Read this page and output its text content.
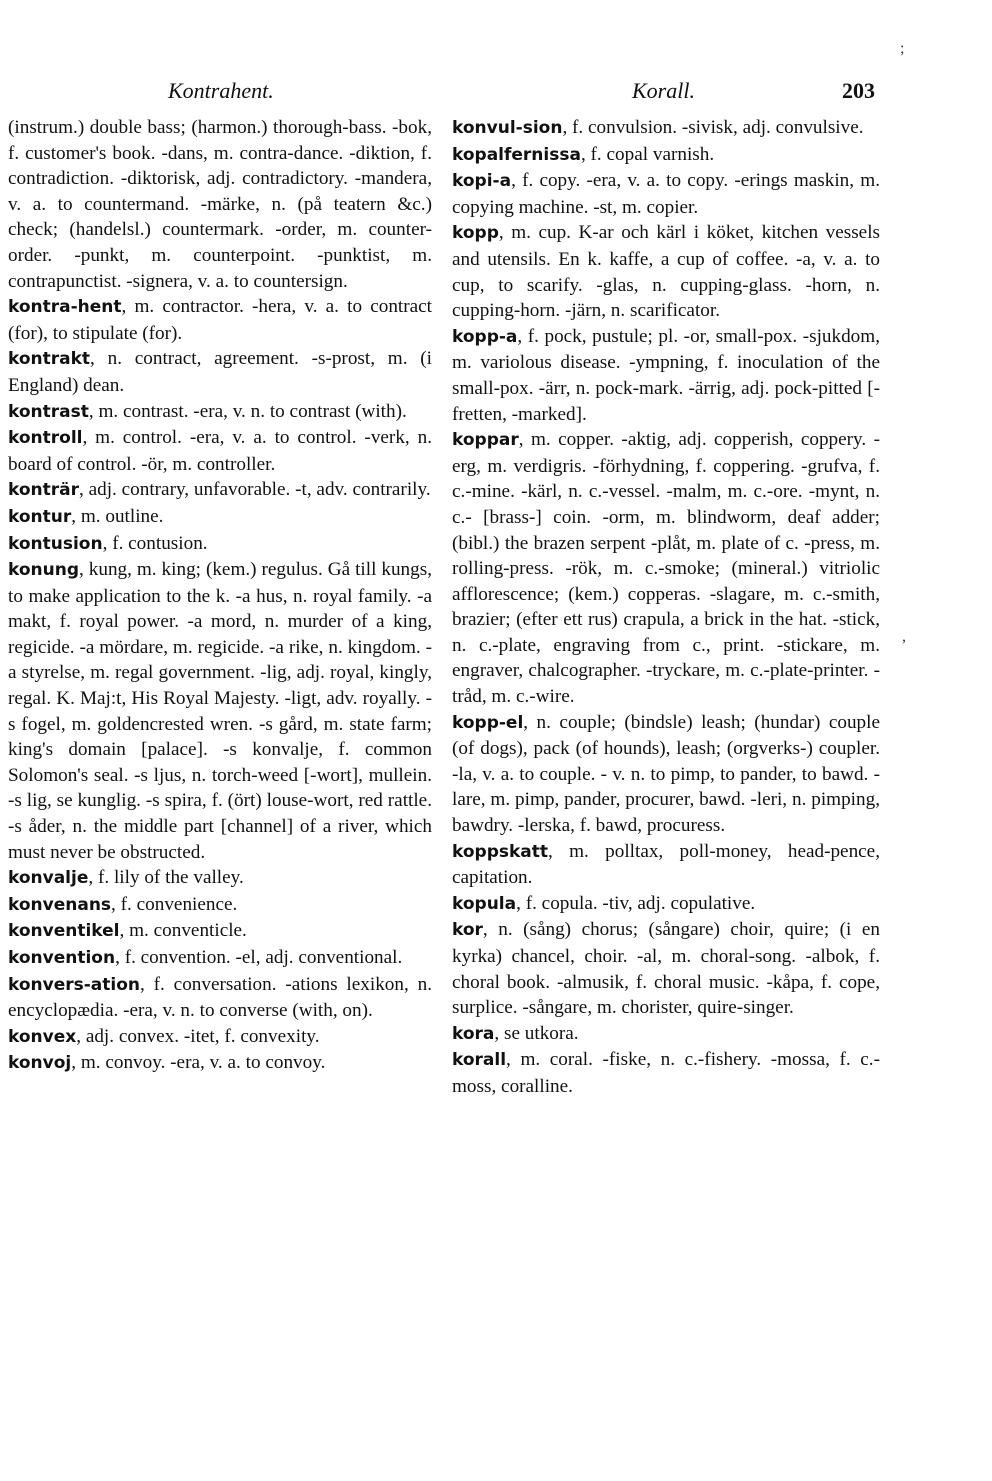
Kontrahent.	Korall.	203
;
,

(instrum.) double bass; (harmon.) thorough-bass. -bok, f. customer's book. -dans, m. contra-dance. -diktion, f. contradiction. -diktorisk, adj. contradictory. -mandera, v. a. to countermand. -märke, n. (på teatern &c.) check; (handelsl.) countermark. -order, m. counter-order. -punkt, m. counterpoint. -punktist, m. contrapunctist. -signera, v. a. to countersign.

kontra-hent, m. contractor. -hera, v. a. to contract (for), to stipulate (for).

kontrakt, n. contract, agreement. -s-prost, m. (i England) dean.

kontrast, m. contrast. -era, v. n. to contrast (with).

kontroll, m. control. -era, v. a. to control. -verk, n. board of control. -ör, m. controller.

konträr, adj. contrary, unfavorable. -t, adv. contrarily.

kontur, m. outline.

kontusion, f. contusion.

konung, kung, m. king; (kem.) regulus. Gå till kungs, to make application to the k. -a hus, n. royal family. -a makt, f. royal power. -a mord, n. murder of a king, regicide. -a mördare, m. regicide. -a rike, n. kingdom. -a styrelse, m. regal government. -lig, adj. royal, kingly, regal. K. Maj:t, His Royal Majesty. -ligt, adv. royally. -s fogel, m. goldencrested wren. -s gård, m. state farm; king's domain [palace]. -s konvalje, f. common Solomon's seal. -s ljus, n. torch-weed [-wort], mullein. -s lig, se kunglig. -s spira, f. (ört) louse-wort, red rattle. -s åder, n. the middle part [channel] of a river, which must never be obstructed.

konvalje, f. lily of the valley.

konvenans, f. convenience.

konventikel, m. conventicle.

konvention, f. convention. -el, adj. conventional.

konvers-ation, f. conversation. -ations lexikon, n. encyclopædia. -era, v. n. to converse (with, on).

konvex, adj. convex. -itet, f. convexity.

konvoj, m. convoy. -era, v. a. to convoy.

konvul-sion, f. convulsion. -sivisk, adj. convulsive.

kopalfernissa, f. copal varnish.

kopi-a, f. copy. -era, v. a. to copy. -erings maskin, m. copying machine. -st, m. copier.

kopp, m. cup. K-ar och kärl i köket, kitchen vessels and utensils. En k. kaffe, a cup of coffee. -a, v. a. to cup, to scarify. -glas, n. cupping-glass. -horn, n. cupping-horn. -järn, n. scarificator.

kopp-a, f. pock, pustule; pl. -or, small-pox. -sjukdom, m. variolous disease. -ympning, f. inoculation of the small-pox. -ärr, n. pock-mark. -ärrig, adj. pock-pitted [-fretten, -marked].

koppar, m. copper. -aktig, adj. copperish, coppery. -erg, m. verdigris. -förhydning, f. coppering. -grufva, f. c.-mine. -kärl, n. c.-vessel. -malm, m. c.-ore. -mynt, n. c.- [brass-] coin. -orm, m. blindworm, deaf adder; (bibl.) the brazen serpent -plåt, m. plate of c. -press, m. rolling-press. -rök, m. c.-smoke; (mineral.) vitriolic afflorescence; (kem.) copperas. -slagare, m. c.-smith, brazier; (efter ett rus) crapula, a brick in the hat. -stick, n. c.-plate, engraving from c., print. -stickare, m. engraver, chalcographer. -tryckare, m. c.-plate-printer. -tråd, m. c.-wire.

kopp-el, n. couple; (bindsle) leash; (hundar) couple (of dogs), pack (of hounds), leash; (orgverks-) coupler. -la, v. a. to couple. - v. n. to pimp, to pander, to bawd. -lare, m. pimp, pander, procurer, bawd. -leri, n. pimping, bawdry. -lerska, f. bawd, procuress.

koppskatt, m. polltax, poll-money, head-pence, capitation.

kopula, f. copula. -tiv, adj. copulative.

kor, n. (sång) chorus; (sångare) choir, quire; (i en kyrka) chancel, choir. -al, m. choral-song. -albok, f. choral book. -almusik, f. choral music. -kåpa, f. cope, surplice. -sångare, m. chorister, quire-singer.

kora, se utkora.

korall, m. coral. -fiske, n. c.-fishery. -mossa, f. c.-moss, coralline.
